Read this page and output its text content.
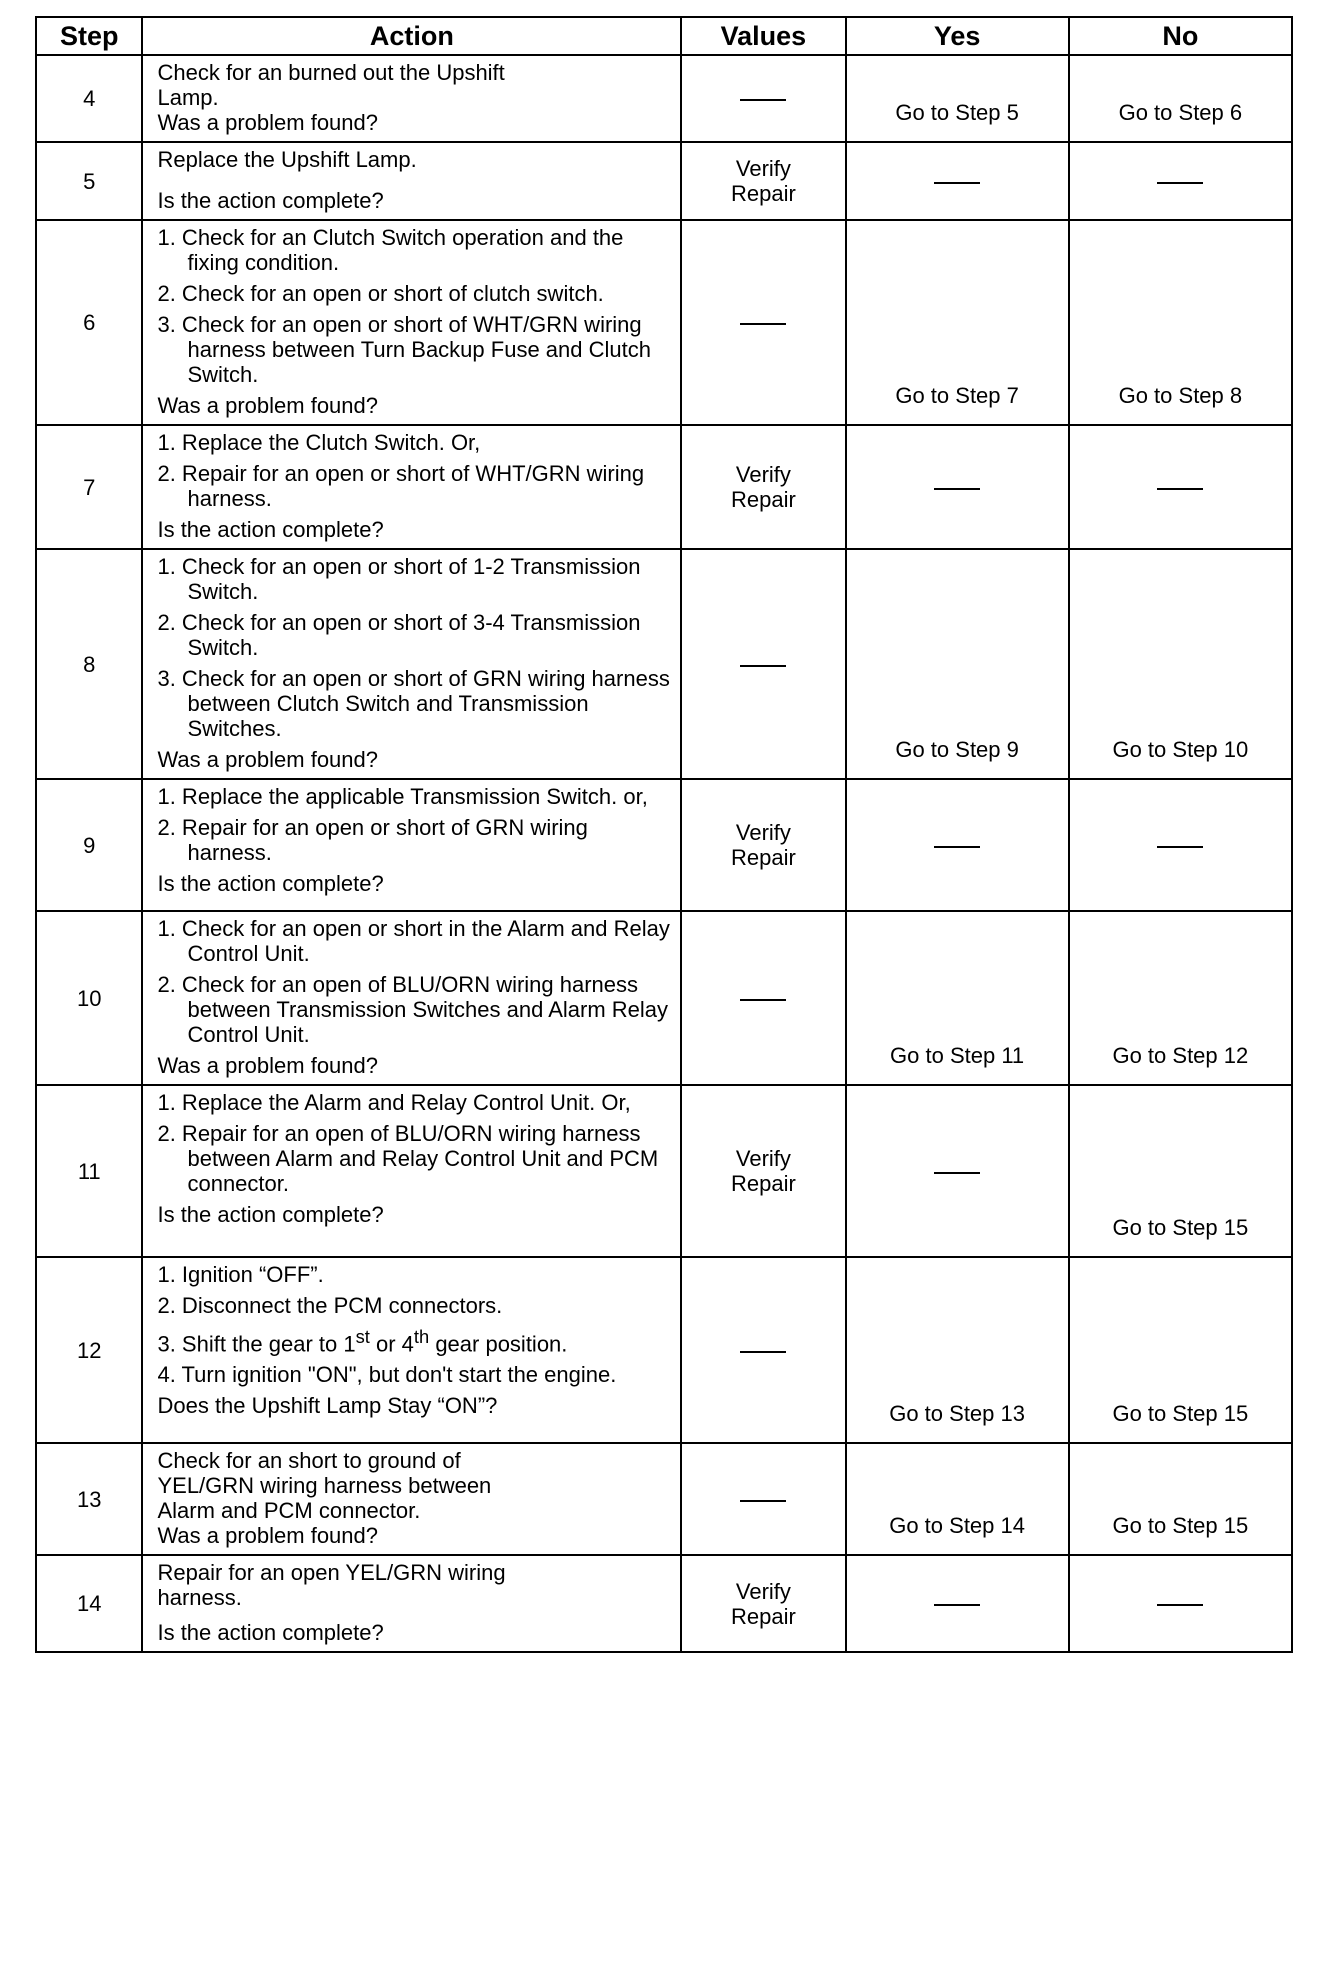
Step	Action	Values	Yes	No
4	Check for an burned out the Upshift
Lamp.
Was a problem found?		Go to Step 5	Go to Step 6
5	Replace the Upshift Lamp.
Is the action complete?	Verify
Repair		
6	1. Check for an Clutch Switch operation and the fixing condition.
2. Check for an open or short of clutch switch.
3. Check for an open or short of WHT/GRN wiring harness between Turn Backup Fuse and Clutch Switch.
Was a problem found?		Go to Step 7	Go to Step 8
7	1. Replace the Clutch Switch. Or,
2. Repair for an open or short of WHT/GRN wiring harness.
Is the action complete?	Verify
Repair		
8	1. Check for an open or short of 1-2 Transmission Switch.
2. Check for an open or short of 3-4 Transmission Switch.
3. Check for an open or short of GRN wiring harness between Clutch Switch and Transmission Switches.
Was a problem found?		Go to Step 9	Go to Step 10
9	1. Replace the applicable Transmission Switch. or,
2. Repair for an open or short of GRN wiring harness.
Is the action complete?	Verify
Repair		
10	1. Check for an open or short in the Alarm and Relay Control Unit.
2. Check for an open of BLU/ORN wiring harness between Transmission Switches and Alarm Relay Control Unit.
Was a problem found?		Go to Step 11	Go to Step 12
11	1. Replace the Alarm and Relay Control Unit. Or,
2. Repair for an open of BLU/ORN wiring harness between Alarm and Relay Control Unit and PCM connector.
Is the action complete?	Verify
Repair		Go to Step 15
12	1. Ignition “OFF”.
2. Disconnect the PCM connectors.
3. Shift the gear to 1st or 4th gear position.
4. Turn ignition "ON", but don't start the engine.
Does the Upshift Lamp Stay “ON”?		Go to Step 13	Go to Step 15
13	Check for an short to ground of
YEL/GRN wiring harness between
Alarm and PCM connector.
Was a problem found?		Go to Step 14	Go to Step 15
14	Repair for an open YEL/GRN wiring
harness.
Is the action complete?	Verify
Repair		
